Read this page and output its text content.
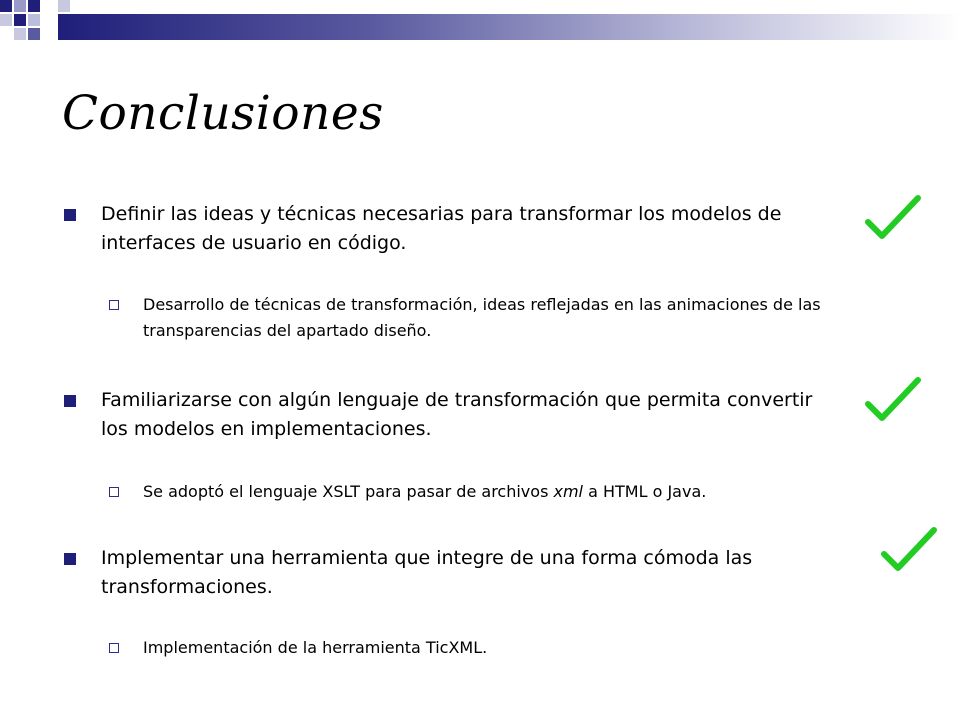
Conclusiones
Definir las ideas y técnicas necesarias para transformar los modelos de interfaces de usuario en código.
Desarrollo de técnicas de transformación, ideas reflejadas en las animaciones de las transparencias del apartado diseño.
Familiarizarse con algún lenguaje de transformación que permita convertir los modelos en implementaciones.
Se adoptó el lenguaje XSLT para pasar de archivos xml a HTML o Java.
Implementar una herramienta que integre de una forma cómoda las transformaciones.
Implementación de la herramienta TicXML.
